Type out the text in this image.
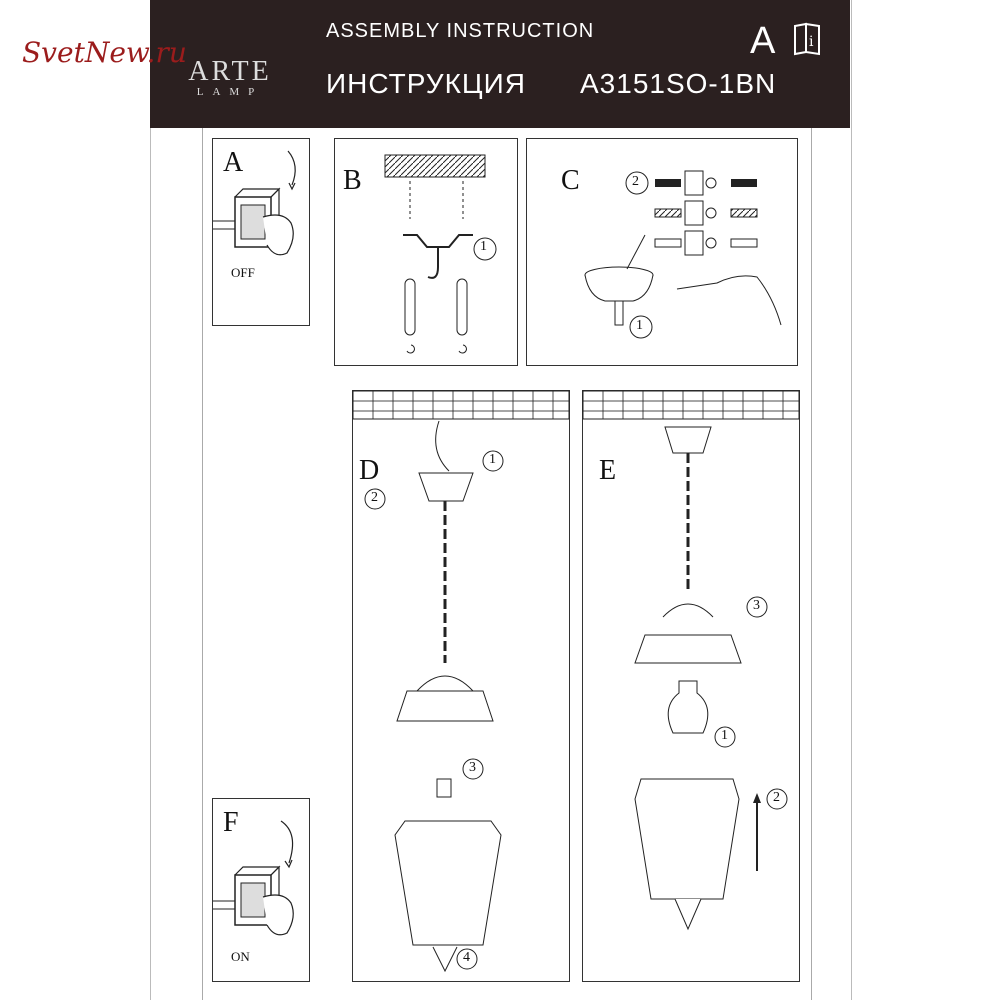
SvetNew.ru
ARTE
LAMP
ASSEMBLY INSTRUCTION
ИНСТРУКЦИЯ A3151SO-1BN
A i
A
OFF
B
1
C	2
1
D	1
2
3
4
E
3
1
2
F
ON
